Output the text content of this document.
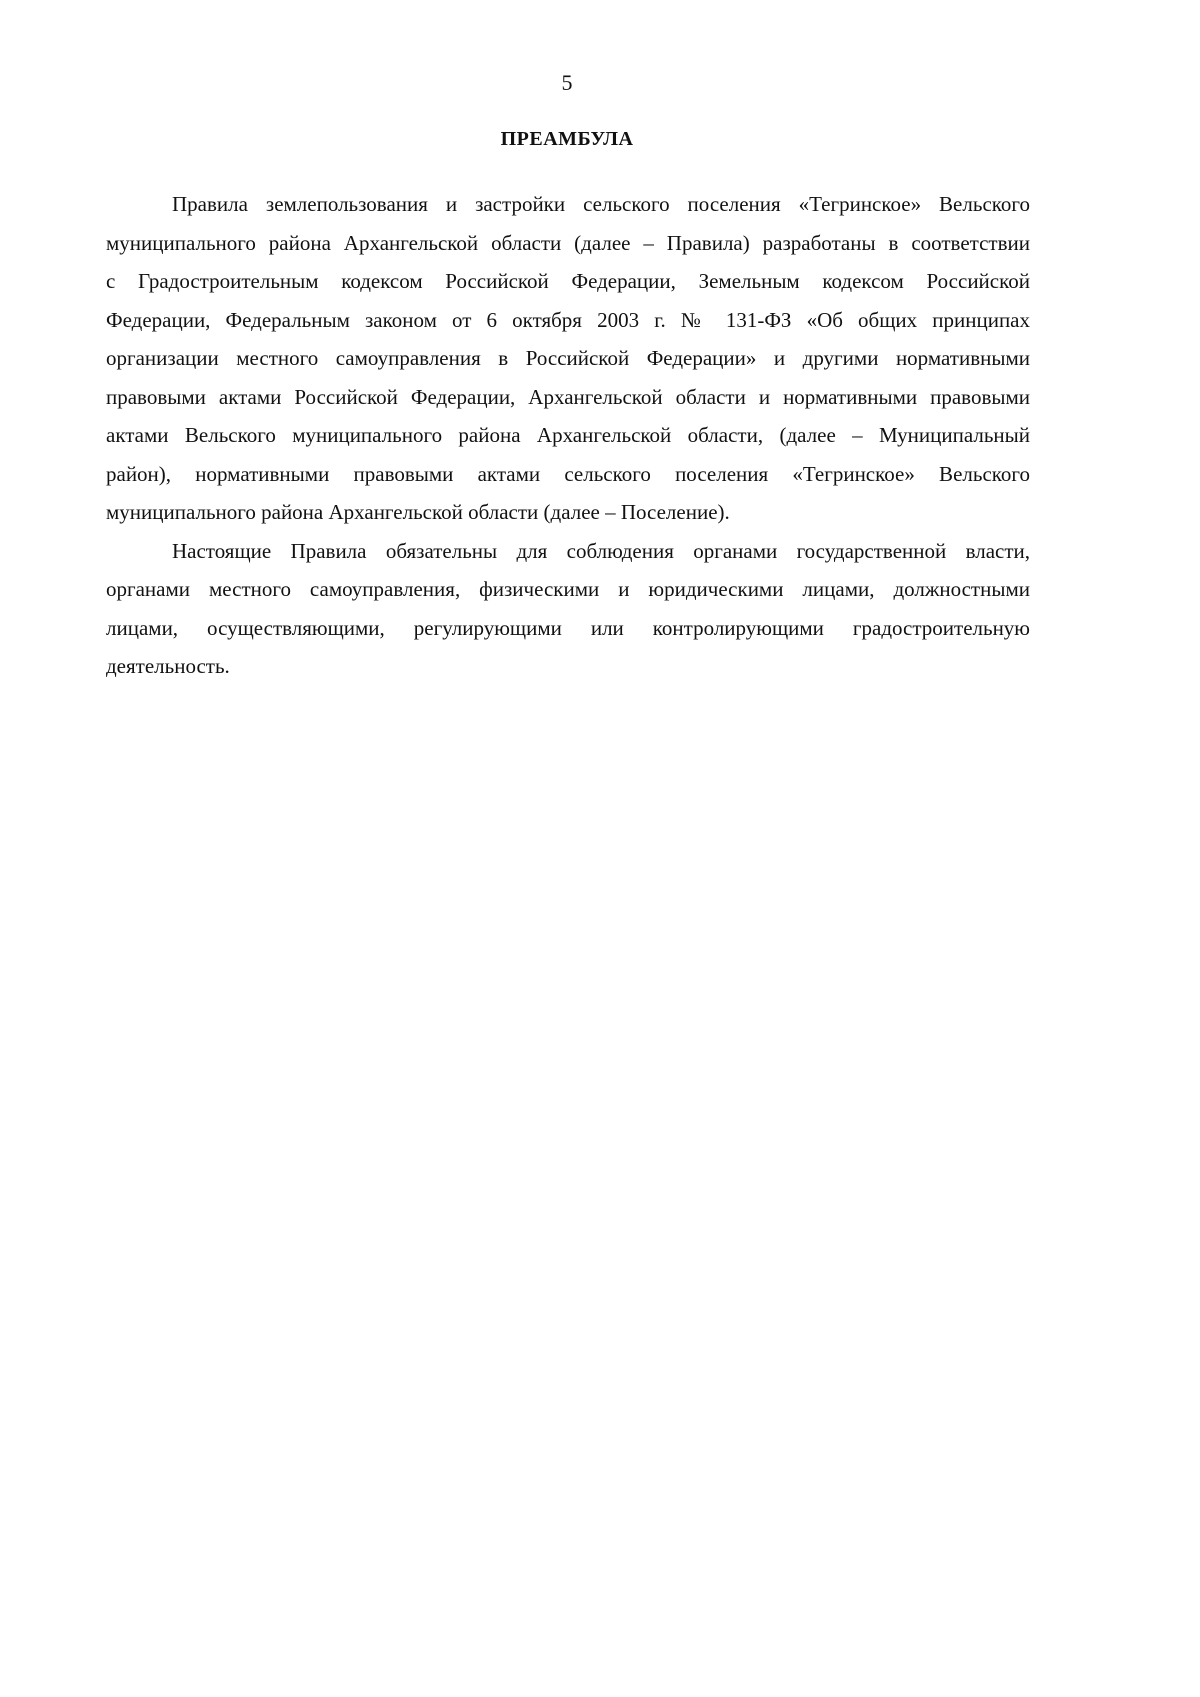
5
ПРЕАМБУЛА
Правила землепользования и застройки сельского поселения «Тегринское» Вельского
муниципального района Архангельской области (далее – Правила) разработаны в соответствии
с Градостроительным кодексом Российской Федерации, Земельным кодексом Российской
Федерации, Федеральным законом от 6 октября 2003 г. № 131-ФЗ «Об общих принципах
организации местного самоуправления в Российской Федерации» и другими нормативными
правовыми актами Российской Федерации, Архангельской области и нормативными правовыми
актами Вельского муниципального района Архангельской области, (далее – Муниципальный
район), нормативными правовыми актами сельского поселения «Тегринское» Вельского
муниципального района Архангельской области (далее – Поселение).
Настоящие Правила обязательны для соблюдения органами государственной власти,
органами местного самоуправления, физическими и юридическими лицами, должностными
лицами, осуществляющими, регулирующими или контролирующими градостроительную
деятельность.
